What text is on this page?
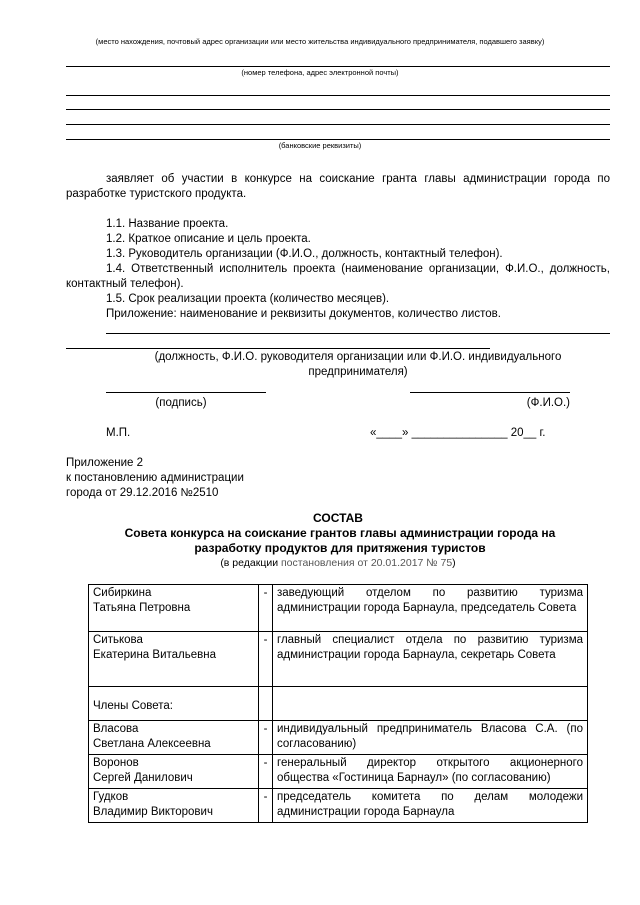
(место нахождения, почтовый адрес организации или место жительства индивидуального предпринимателя, подавшего заявку)
(номер телефона, адрес электронной почты)
(банковские реквизиты)
заявляет об участии в конкурсе на соискание гранта главы администрации города по разработке туристского продукта.
1.1. Название проекта.
1.2. Краткое описание и цель проекта.
1.3. Руководитель организации (Ф.И.О., должность, контактный телефон).
1.4. Ответственный исполнитель проекта (наименование организации, Ф.И.О., должность, контактный телефон).
1.5. Срок реализации проекта (количество месяцев).
Приложение: наименование и реквизиты документов, количество листов.
(должность, Ф.И.О. руководителя организации или Ф.И.О. индивидуального предпринимателя)
(подпись)	(Ф.И.О.)
М.П.	«____» _______________ 20__ г.
Приложение 2
к постановлению администрации
города от 29.12.2016 №2510
СОСТАВ
Совета конкурса на соискание грантов главы администрации города на разработку продуктов для притяжения туристов
(в редакции постановления от 20.01.2017 № 75)
Сибиркина
Татьяна Петровна	-	заведующий отделом по развитию туризма администрации города Барнаула, председатель Совета
Ситькова
Екатерина Витальевна	-	главный специалист отдела по развитию туризма администрации города Барнаула, секретарь Совета
Члены Совета:		
Власова
Светлана Алексеевна	-	индивидуальный предприниматель Власова С.А. (по согласованию)
Воронов
Сергей Данилович	-	генеральный директор открытого акционерного общества «Гостиница Барнаул» (по согласованию)
Гудков
Владимир Викторович	-	председатель комитета по делам молодежи администрации города Барнаула
